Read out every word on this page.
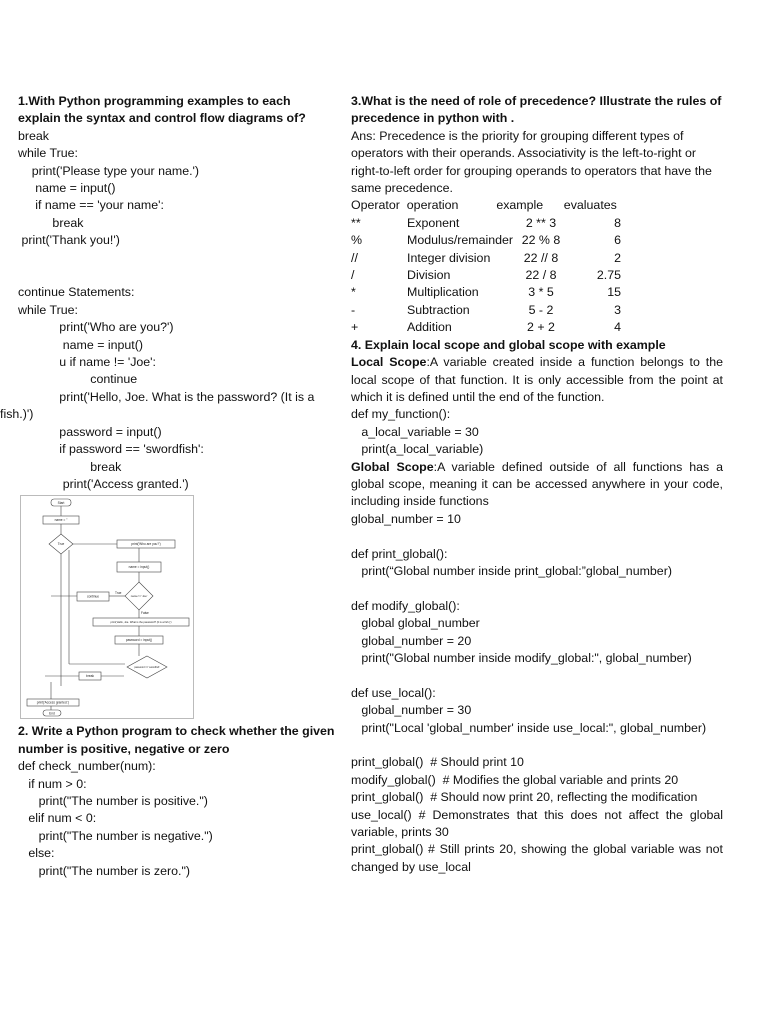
1.With Python programming examples to each explain the syntax and control flow diagrams of?

break

while True:

print('Please type your name.')

name = input()

if name == 'your name':

break

print('Thank you!')

continue Statements:

while True:

print('Who are you?')

name = input()

u if name != 'Joe':

continue

print('Hello, Joe. What is the password? (It is a

fish.)')

password = input()

if password == 'swordfish':

break

print('Access granted.')

Start
name = ''
True	print('Who are you?')
name = input()
name != 'Joe'
True
False
continue
print('Hello, Joe. What is the password? (It is a fish.)')
password = input()
password == 'swordfish'
break
print('Access granted.')
End

2. Write a Python program to check whether the given number is positive, negative or zero

def check_number(num):

if num > 0:

print("The number is positive.")

elif num < 0:

print("The number is negative.")

else:

print("The number is zero.")

3.What is the need of role of precedence? Illustrate the rules of precedence in python with .

Ans: Precedence is the priority for grouping different types of operators with their operands. Associativity is the left-to-right or right-to-left order for grouping operands to operators that have the same precedence.

Operator  operation           example      evaluates

**	Exponent	2 ** 3	8
%	Modulus/remainder 22 % 8	6
//	Integer division	22 // 8	2
/	Division	22 / 8	2.75
*	Multiplication	3 * 5	15
-	Subtraction	5 - 2	3
+	Addition	2 + 2	4

4. Explain local scope and global scope with example

Local Scope:A variable created inside a function belongs to the local scope of that function. It is only accessible from the point at which it is defined until the end of the function.

def my_function():

a_local_variable = 30

print(a_local_variable)

Global Scope:A variable defined outside of all functions has a global scope, meaning it can be accessed anywhere in your code, including inside functions

global_number = 10

def print_global():

print(“Global number inside print_global:”global_number)

def modify_global():

global global_number

global_number = 20

print("Global number inside modify_global:", global_number)

def use_local():

global_number = 30

print("Local 'global_number' inside use_local:", global_number)

print_global()  # Should print 10

modify_global()  # Modifies the global variable and prints 20

print_global()  # Should now print 20, reflecting the modification

use_local() # Demonstrates that this does not affect the global variable, prints 30

print_global() # Still prints 20, showing the global variable was not changed by use_local
